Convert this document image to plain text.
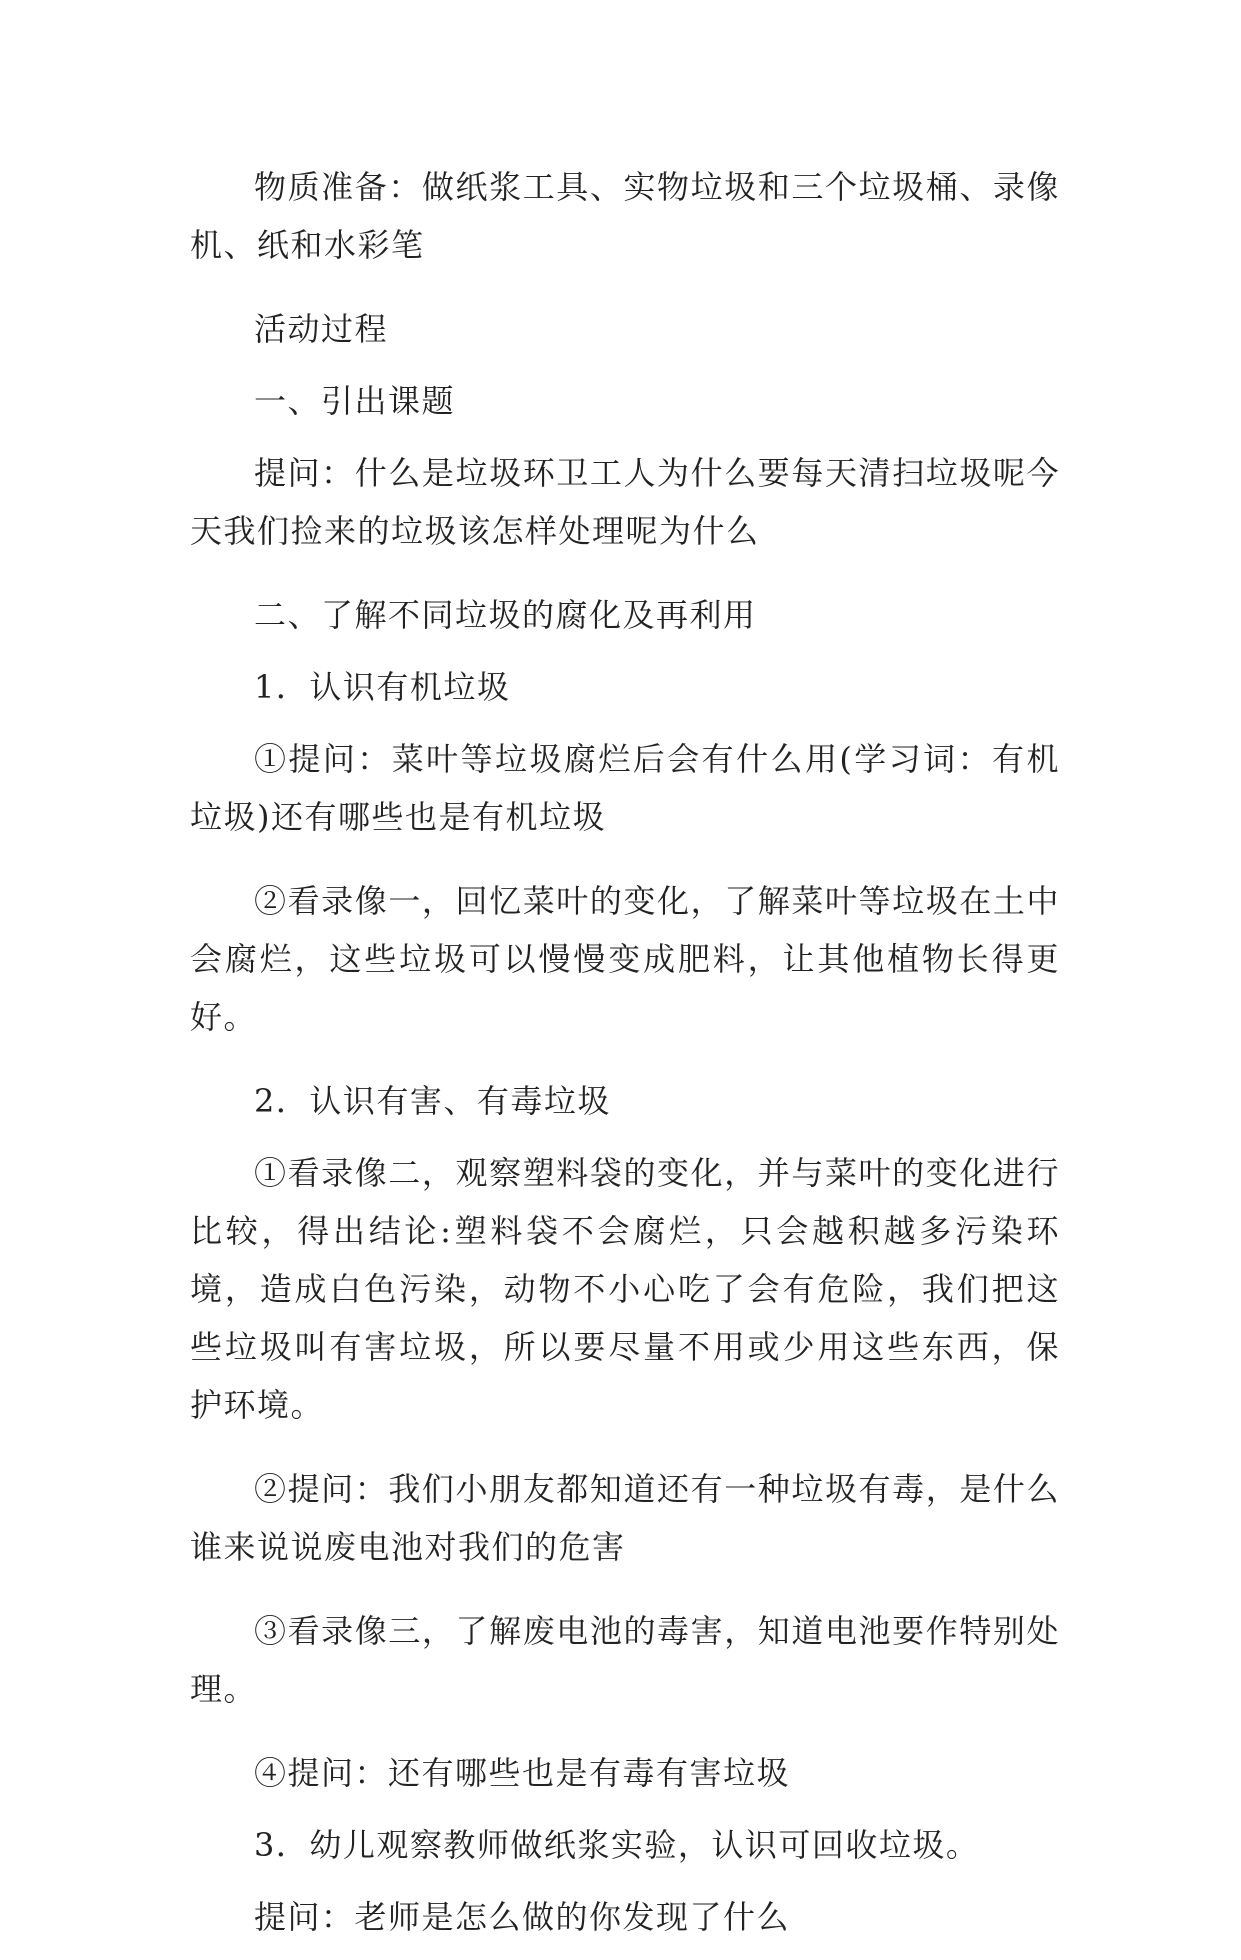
物质准备：做纸浆工具、实物垃圾和三个垃圾桶、录像机、纸和水彩笔

活动过程

一、引出课题

提问：什么是垃圾环卫工人为什么要每天清扫垃圾呢今天我们捡来的垃圾该怎样处理呢为什么

二、了解不同垃圾的腐化及再利用

1．认识有机垃圾

①提问：菜叶等垃圾腐烂后会有什么用(学习词：有机垃圾)还有哪些也是有机垃圾

②看录像一，回忆菜叶的变化，了解菜叶等垃圾在土中会腐烂，这些垃圾可以慢慢变成肥料，让其他植物长得更好。

2．认识有害、有毒垃圾

①看录像二，观察塑料袋的变化，并与菜叶的变化进行比较，得出结论:塑料袋不会腐烂，只会越积越多污染环境，造成白色污染，动物不小心吃了会有危险，我们把这些垃圾叫有害垃圾，所以要尽量不用或少用这些东西，保护环境。

②提问：我们小朋友都知道还有一种垃圾有毒，是什么谁来说说废电池对我们的危害

③看录像三，了解废电池的毒害，知道电池要作特别处理。

④提问：还有哪些也是有毒有害垃圾

3．幼儿观察教师做纸浆实验，认识可回收垃圾。

提问：老师是怎么做的你发现了什么
